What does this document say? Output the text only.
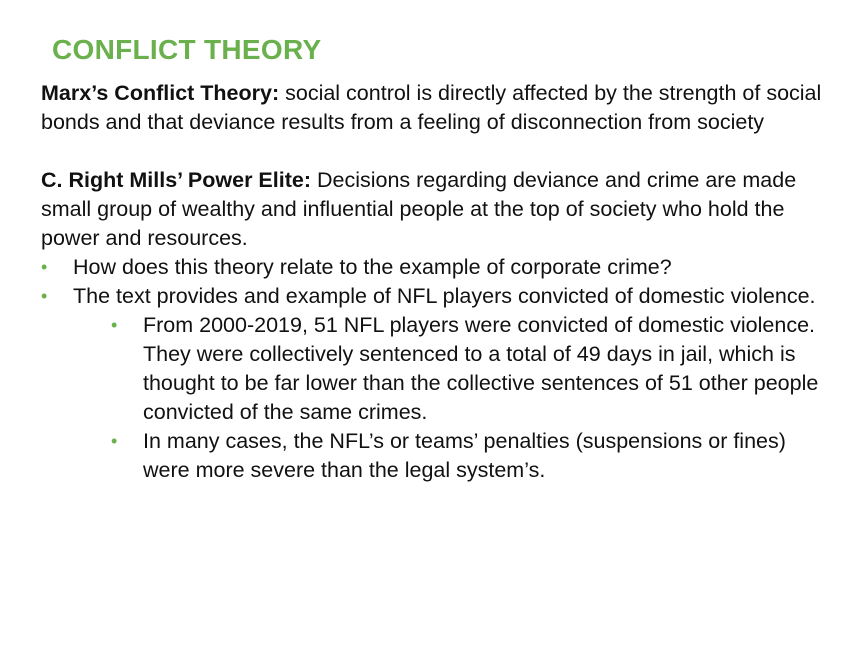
CONFLICT THEORY

Marx’s Conflict Theory: social control is directly affected by the strength of social bonds and that deviance results from a feeling of disconnection from society

C. Right Mills’ Power Elite: Decisions regarding deviance and crime are made small group of wealthy and influential people at the top of society who hold the power and resources.

• How does this theory relate to the example of corporate crime?
• The text provides and example of NFL players convicted of domestic violence.
• From 2000-2019, 51 NFL players were convicted of domestic violence. They were collectively sentenced to a total of 49 days in jail, which is thought to be far lower than the collective sentences of 51 other people convicted of the same crimes.
• In many cases, the NFL’s or teams’ penalties (suspensions or fines) were more severe than the legal system’s.
